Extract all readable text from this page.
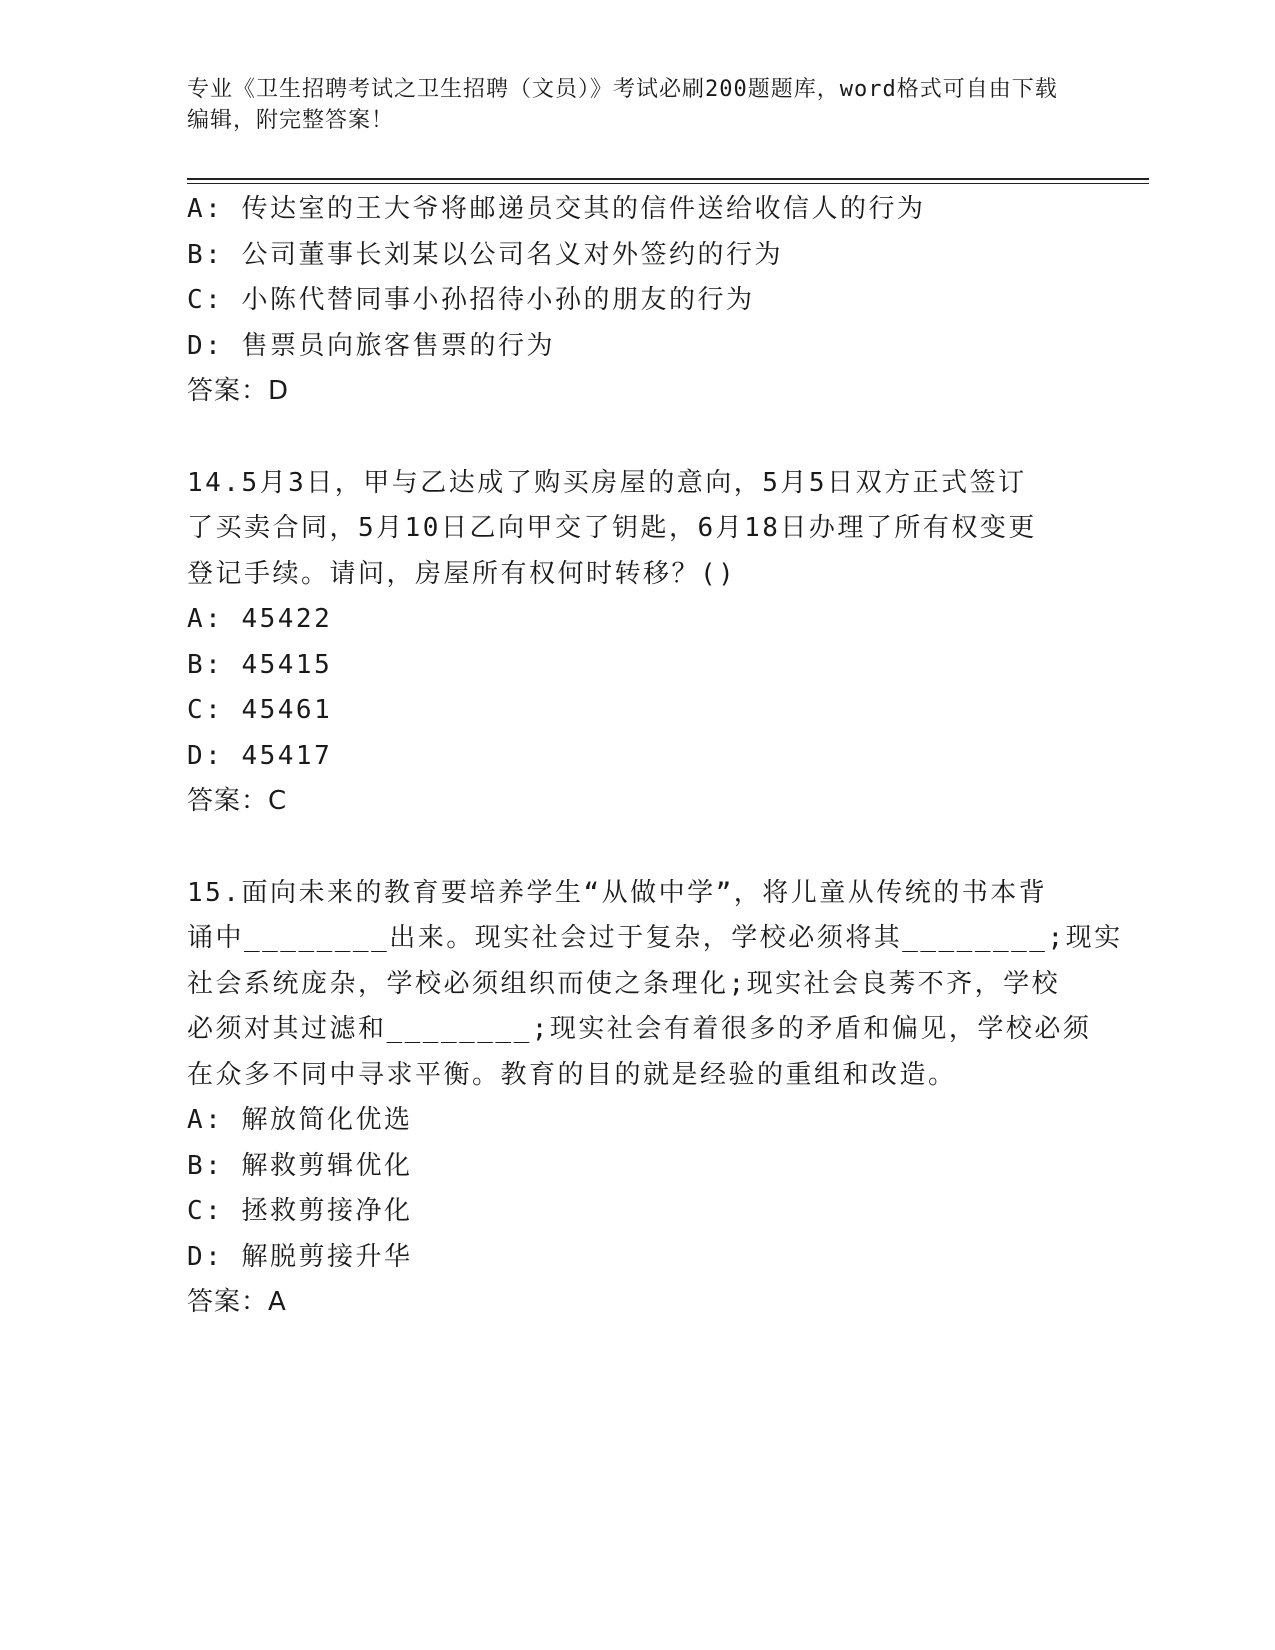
专业《卫生招聘考试之卫生招聘（文员）》考试必刷200题题库，word格式可自由下载编辑，附完整答案！
A: 传达室的王大爷将邮递员交其的信件送给收信人的行为
B: 公司董事长刘某以公司名义对外签约的行为
C: 小陈代替同事小孙招待小孙的朋友的行为
D: 售票员向旅客售票的行为
答案：D
14.5月3日，甲与乙达成了购买房屋的意向，5月5日双方正式签订
了买卖合同，5月10日乙向甲交了钥匙，6月18日办理了所有权变更
登记手续。请问，房屋所有权何时转移？()
A: 45422
B: 45415
C: 45461
D: 45417
答案：C
15.面向未来的教育要培养学生“从做中学”，将儿童从传统的书本背
诵中________出来。现实社会过于复杂，学校必须将其________;现实
社会系统庞杂，学校必须组织而使之条理化;现实社会良莠不齐，学校
必须对其过滤和________;现实社会有着很多的矛盾和偏见，学校必须
在众多不同中寻求平衡。教育的目的就是经验的重组和改造。
A: 解放简化优选
B: 解救剪辑优化
C: 拯救剪接净化
D: 解脱剪接升华
答案：A
